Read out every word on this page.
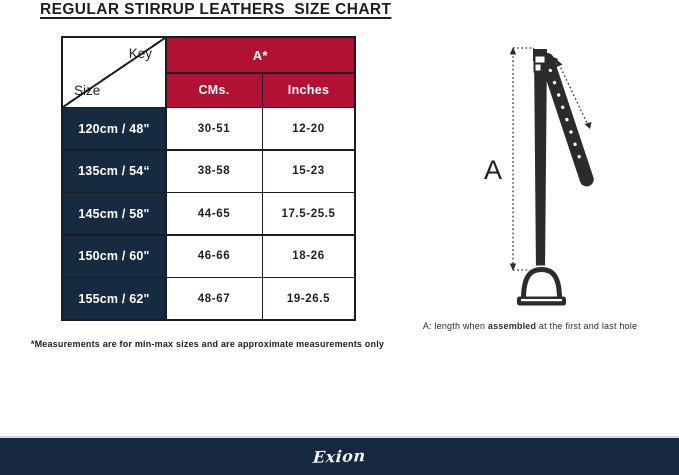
REGULAR STIRRUP LEATHERS  SIZE CHART
Key
Size
A*
CMs.	Inches
120cm / 48"	30-51	12-20
135cm / 54“	38-58	15-23
145cm / 58"	44-65	17.5-25.5
150cm / 60"	46-66	18-26
155cm / 62"	48-67	19-26.5
*Measurements are for min-max sizes and are approximate measurements only
A
A: length when assembled at the first and last hole
Exion
